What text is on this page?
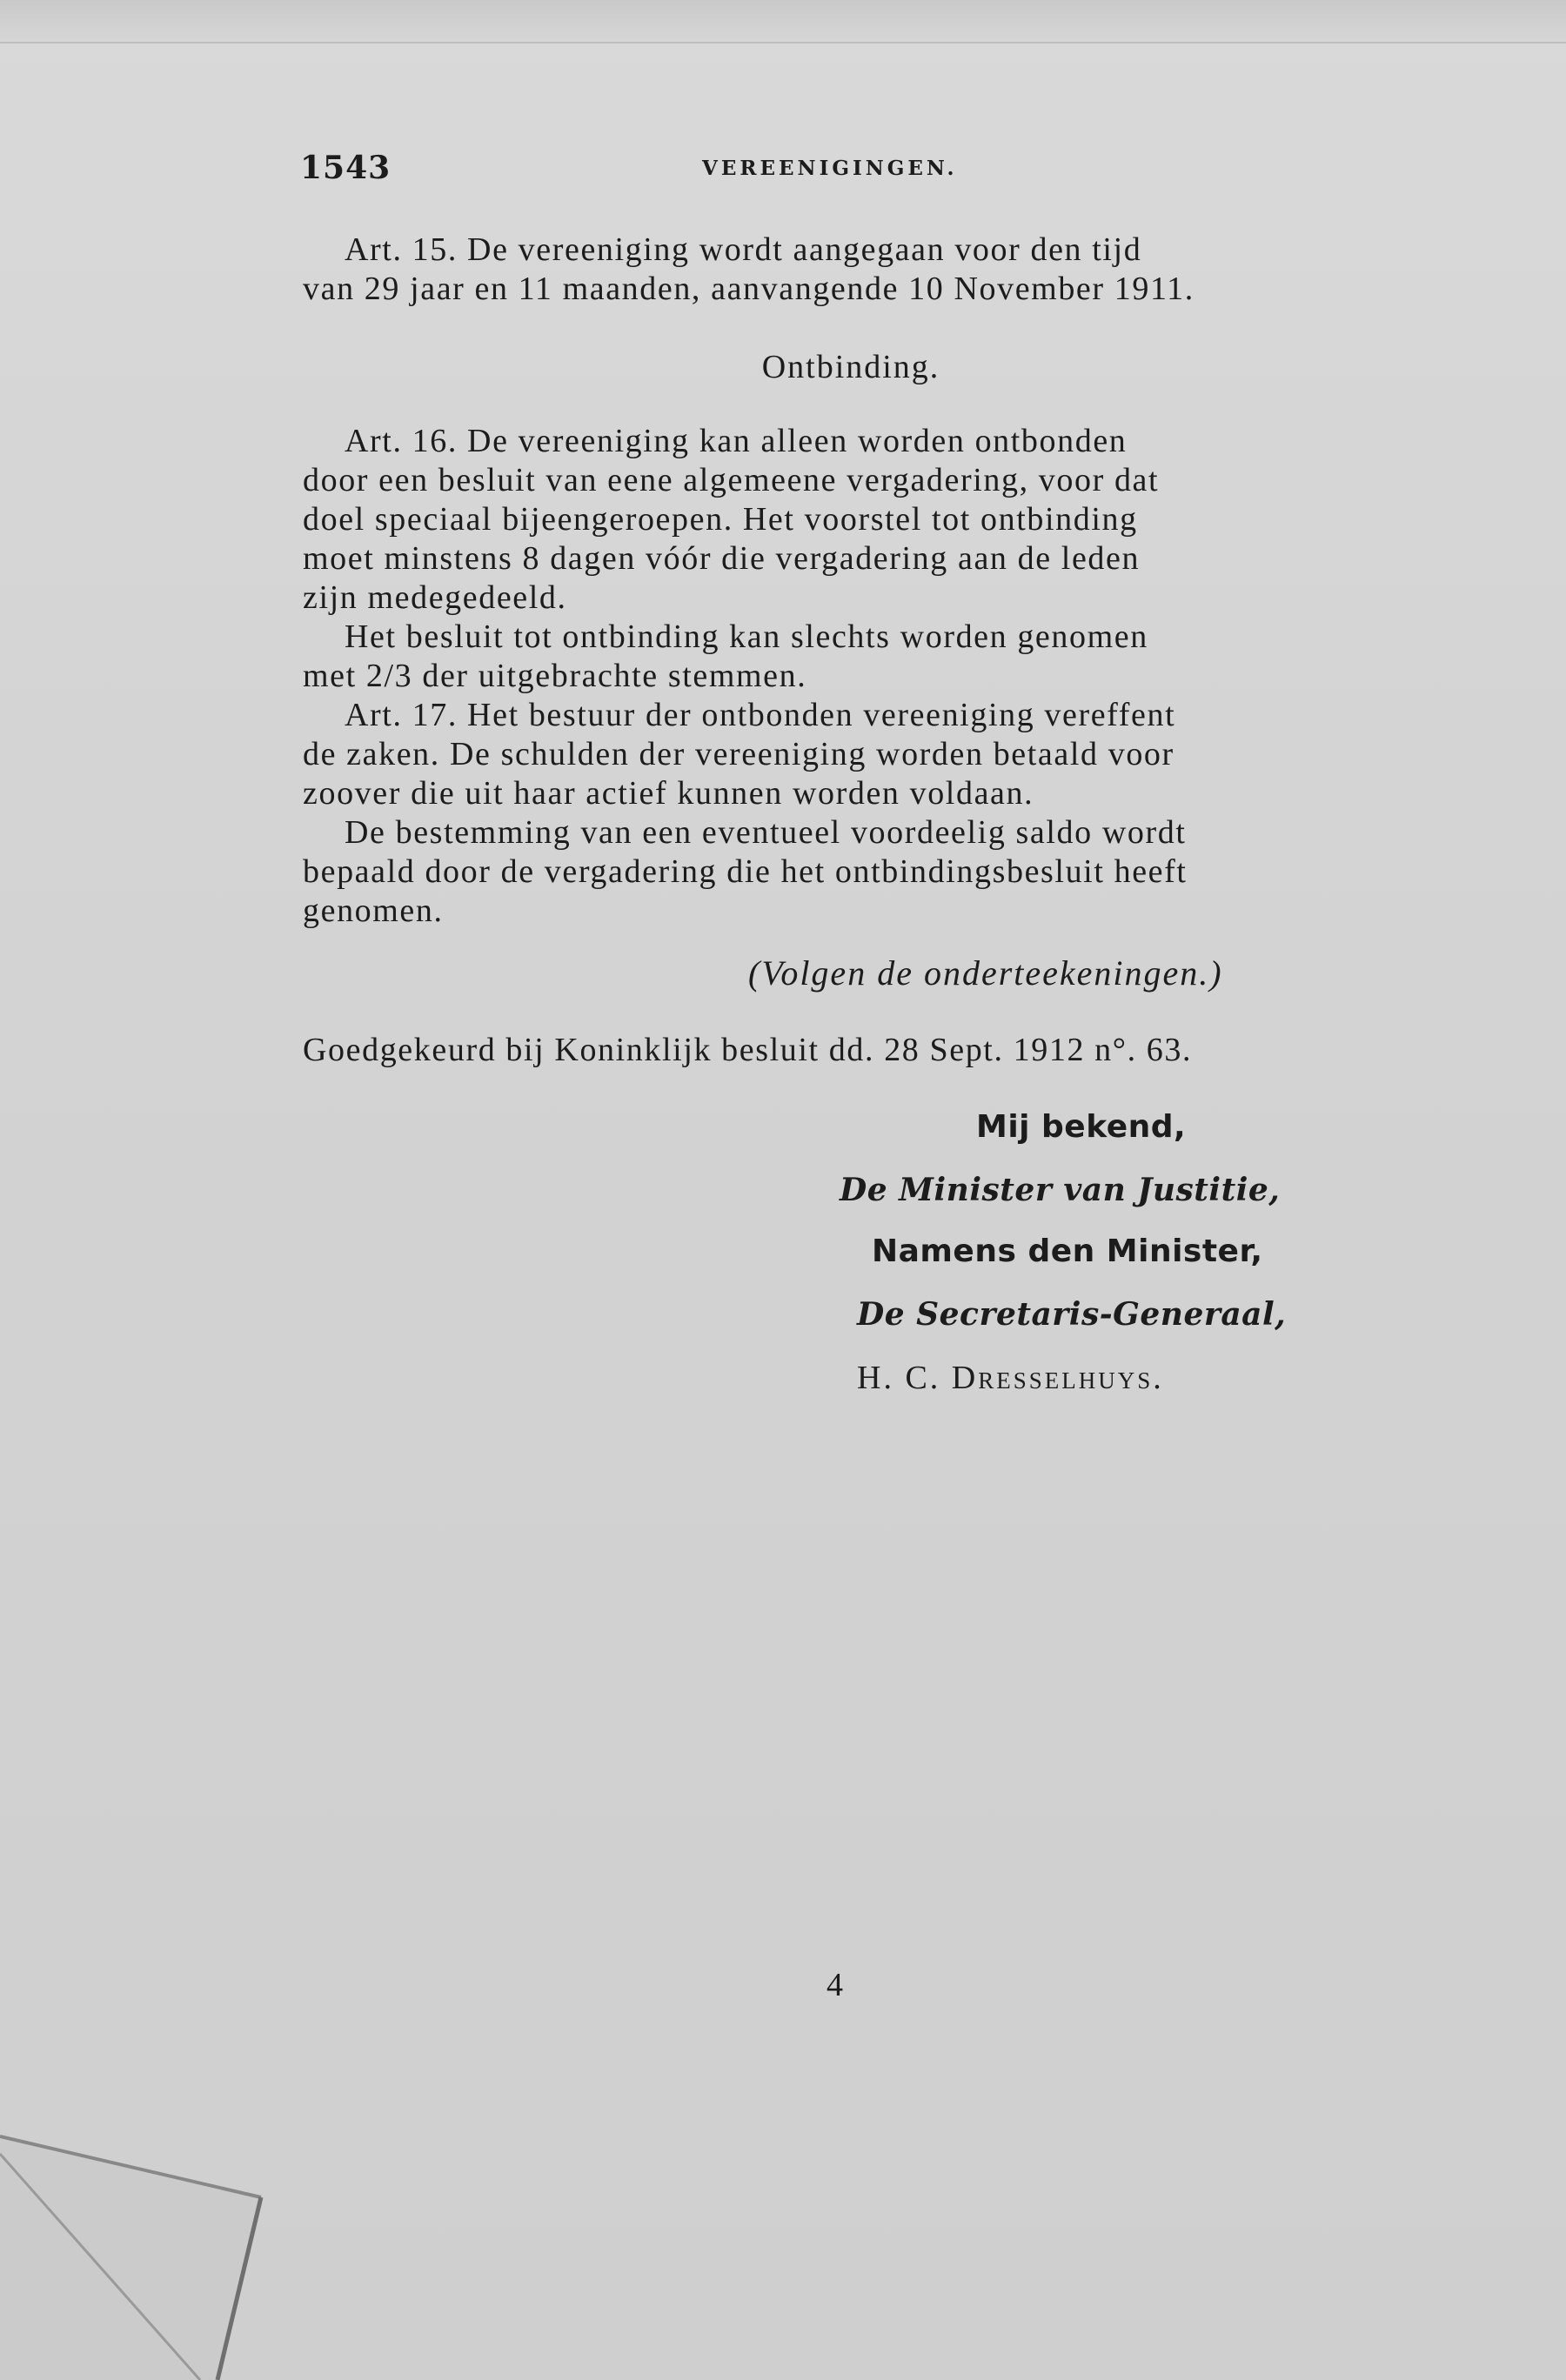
1543	VEREENIGINGEN.

Art. 15. De vereeniging wordt aangegaan voor den tijd

van 29 jaar en 11 maanden, aanvangende 10 November 1911.

Ontbinding.

Art. 16. De vereeniging kan alleen worden ontbonden

door een besluit van eene algemeene vergadering, voor dat

doel speciaal bijeengeroepen. Het voorstel tot ontbinding

moet minstens 8 dagen vóór die vergadering aan de leden

zijn medegedeeld.

Het besluit tot ontbinding kan slechts worden genomen

met 2/3 der uitgebrachte stemmen.

Art. 17. Het bestuur der ontbonden vereeniging vereffent

de zaken. De schulden der vereeniging worden betaald voor

zoover die uit haar actief kunnen worden voldaan.

De bestemming van een eventueel voordeelig saldo wordt

bepaald door de vergadering die het ontbindingsbesluit heeft

genomen.

(Volgen de onderteekeningen.)
Goedgekeurd bij Koninklijk besluit dd. 28 Sept. 1912 n°. 63.
Mij bekend,
De Minister van Justitie,
Namens den Minister,
De Secretaris-Generaal,
H. C. Dresselhuys.
4
